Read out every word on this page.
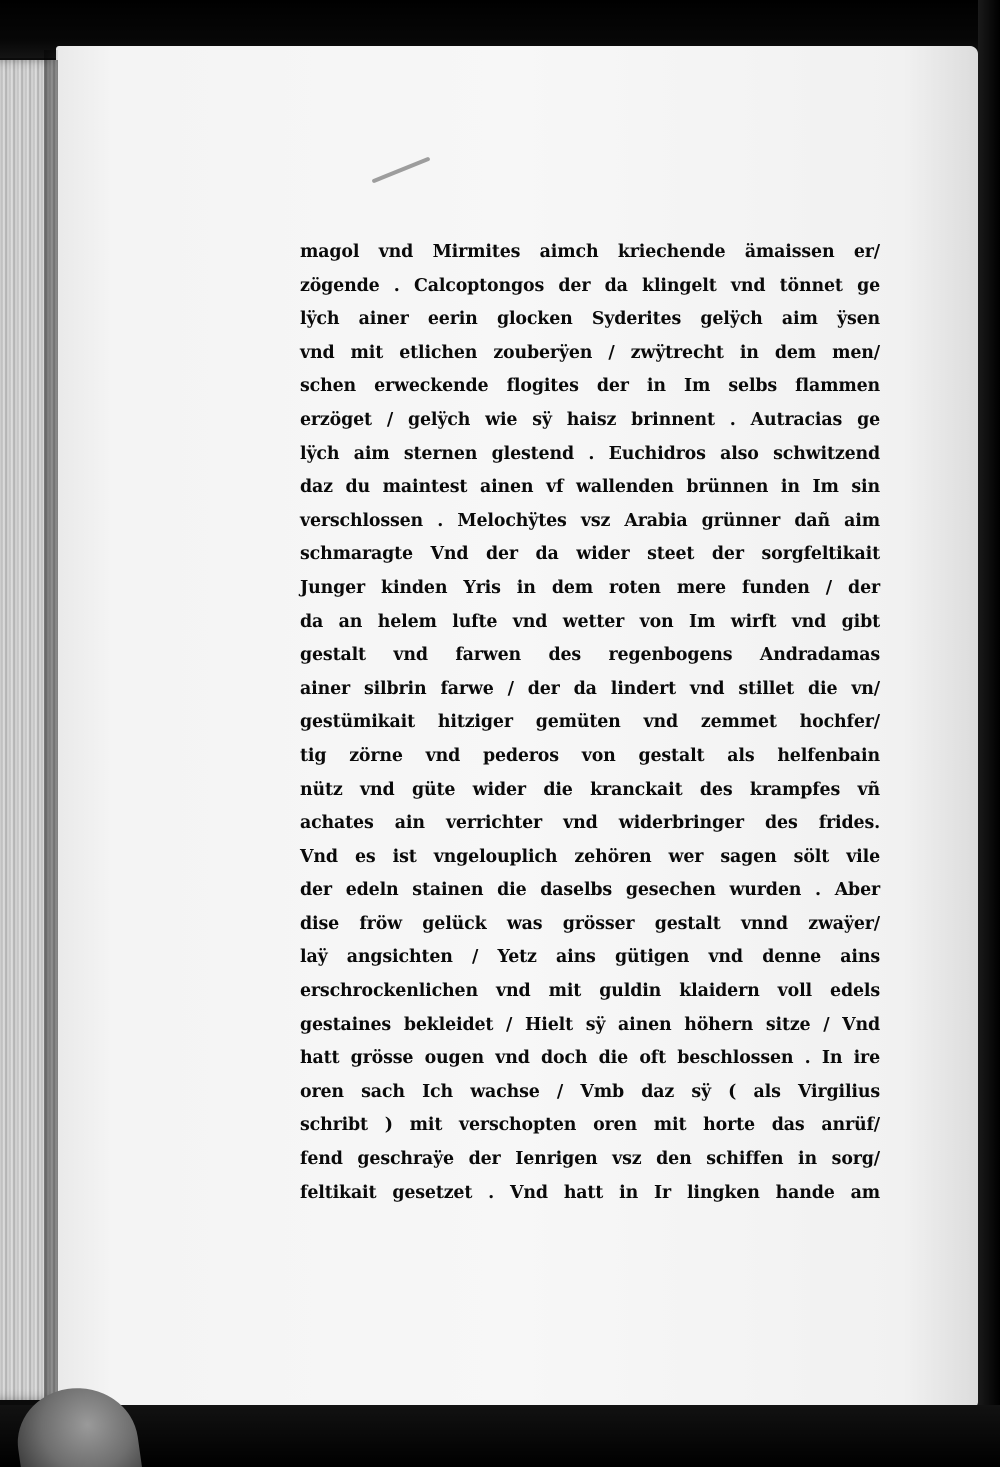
magol vnd Mirmites aimch kriechende ämaissen er/
zögende . Calcoptongos der da klingelt vnd tönnet ge
lÿch ainer eerin glocken Syderites gelÿch aim ÿsen
vnd mit etlichen zouberÿen / zwÿtrecht in dem men/
schen erweckende flogites der in Im selbs flammen
erzöget / gelÿch wie sÿ haisz brinnent . Autracias ge
lÿch aim sternen glestend . Euchidros also schwitzend
daz du maintest ainen vf wallenden brünnen in Im sin
verschlossen . Melochÿtes vsz Arabia grünner dañ aim
schmaragte Vnd der da wider steet der sorgfeltikait
Junger kinden Yris in dem roten mere funden / der
da an helem lufte vnd wetter von Im wirft vnd gibt
gestalt vnd farwen des regenbogens Andradamas
ainer silbrin farwe / der da lindert vnd stillet die vn/
gestümikait hitziger gemüten vnd zemmet hochfer/
tig zörne vnd pederos von gestalt als helfenbain
nütz vnd güte wider die kranckait des krampfes vñ
achates ain verrichter vnd widerbringer des frides.
Vnd es ist vngelouplich zehören wer sagen sölt vile
der edeln stainen die daselbs gesechen wurden . Aber
dise fröw gelück was grösser gestalt vnnd zwaÿer/
laÿ angsichten / Yetz ains gütigen vnd denne ains
erschrockenlichen vnd mit guldin klaidern voll edels
gestaines bekleidet / Hielt sÿ ainen höhern sitze / Vnd
hatt grösse ougen vnd doch die oft beschlossen . In ire
oren sach Ich wachse / Vmb daz sÿ ( als Virgilius
schribt ) mit verschopten oren mit horte das anrüf/
fend geschraÿe der Ienrigen vsz den schiffen in sorg/
feltikait gesetzet . Vnd hatt in Ir lingken hande am
